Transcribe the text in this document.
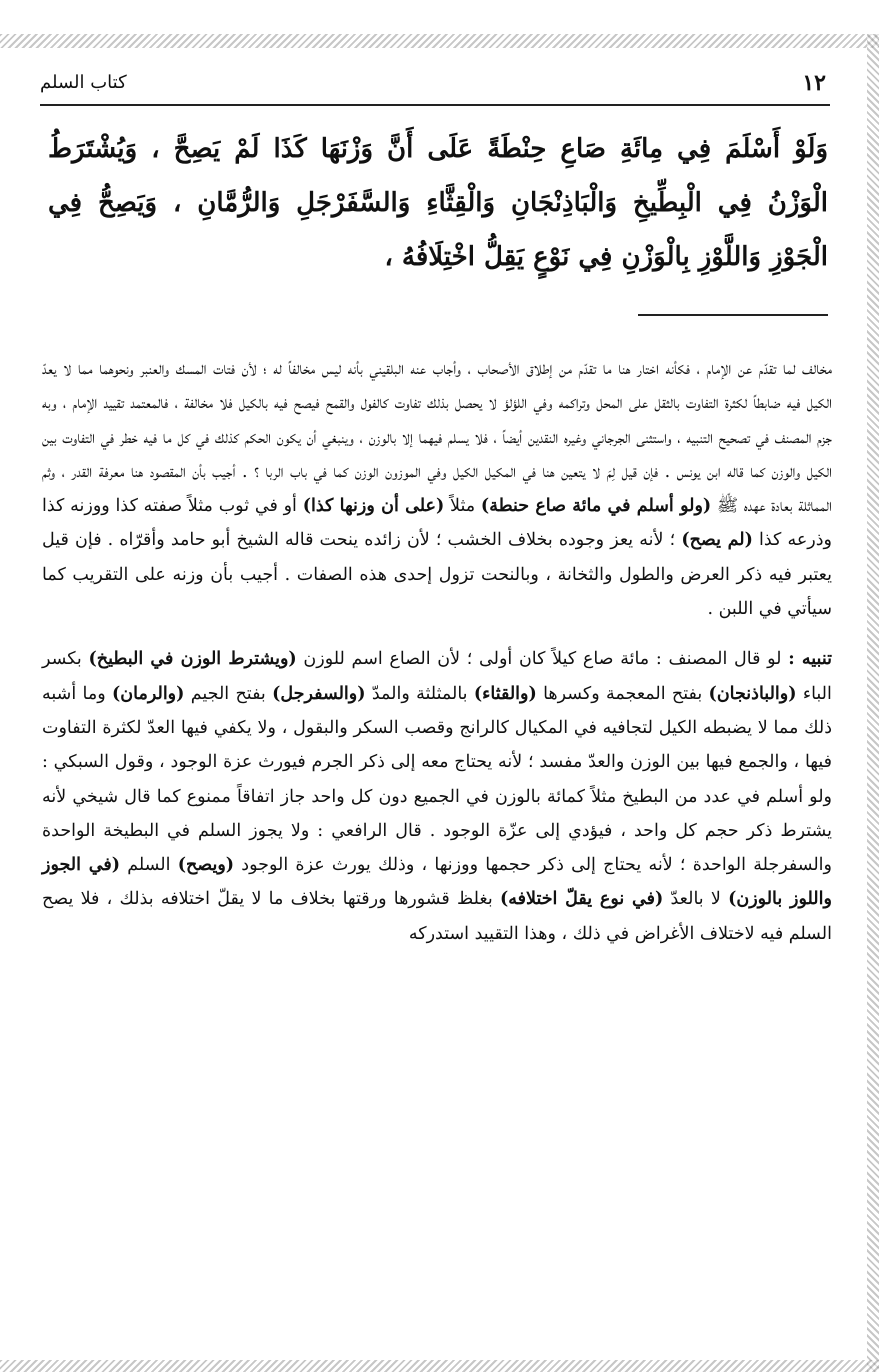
١٢
كتاب السلم
وَلَوْ أَسْلَمَ فِي مِائَةِ صَاعِ حِنْطَةً عَلَى أَنَّ وَزْنَهَا كَذَا لَمْ يَصِحَّ ، وَيُشْتَرَطُ الْوَزْنُ فِي الْبِطِّيخِ وَالْبَاذِنْجَانِ وَالْقِثَّاءِ وَالسَّفَرْجَلِ وَالرُّمَّانِ ، وَيَصِحُّ فِي الْجَوْزِ وَاللَّوْزِ بِالْوَزْنِ فِي نَوْعٍ يَقِلُّ اخْتِلَافُهُ ،

مخالف لما تقدّم عن الإمام ، فكأنه اختار هنا ما تقدّم من إطلاق الأصحاب ، وأجاب عنه البلقيني بأنه ليس مخالفاً له ؛ لأن فتات المسك والعنبر ونحوهما مما لا يعدّ الكيل فيه ضابطاً لكثرة التفاوت بالثقل على المحل وتراكمه وفي اللؤلؤ لا يحصل بذلك تفاوت كالفول والقمح فيصح فيه بالكيل فلا مخالفة ، فالمعتمد تقييد الإمام ، وبه جزم المصنف في تصحيح التنبيه ، واستثنى الجرجاني وغيره النقدين أيضاً ، فلا يسلم فيهما إلا بالوزن ، وينبغي أن يكون الحكم كذلك في كل ما فيه خطر في التفاوت بين الكيل والوزن كما قاله ابن يونس . فإن قيل لِمَ لا يتعين هنا في المكيل الكيل وفي الموزون الوزن كما في باب الربا ؟ . أجيب بأن المقصود هنا معرفة القدر ، وثم المماثلة بعادة عهده ﷺ (ولو أسلم في مائة صاع حنطة) مثلاً (على أن وزنها كذا) أو في ثوب مثلاً صفته كذا ووزنه كذا وذرعه كذا (لم يصح) ؛ لأنه يعز وجوده بخلاف الخشب ؛ لأن زائده ينحت قاله الشيخ أبو حامد وأقرّاه . فإن قيل يعتبر فيه ذكر العرض والطول والثخانة ، وبالنحت تزول إحدى هذه الصفات . أجيب بأن وزنه على التقريب كما سيأتي في اللبن .

تنبيه : لو قال المصنف : مائة صاع كيلاً كان أولى ؛ لأن الصاع اسم للوزن (ويشترط الوزن في البطيخ) بكسر الباء (والباذنجان) بفتح المعجمة وكسرها (والقثاء) بالمثلثة والمدّ (والسفرجل) بفتح الجيم (والرمان) وما أشبه ذلك مما لا يضبطه الكيل لتجافيه في المكيال كالرانج وقصب السكر والبقول ، ولا يكفي فيها العدّ لكثرة التفاوت فيها ، والجمع فيها بين الوزن والعدّ مفسد ؛ لأنه يحتاج معه إلى ذكر الجرم فيورث عزة الوجود ، وقول السبكي : ولو أسلم في عدد من البطيخ مثلاً كمائة بالوزن في الجميع دون كل واحد جاز اتفاقاً ممنوع كما قال شيخي لأنه يشترط ذكر حجم كل واحد ، فيؤدي إلى عزّة الوجود . قال الرافعي : ولا يجوز السلم في البطيخة الواحدة والسفرجلة الواحدة ؛ لأنه يحتاج إلى ذكر حجمها ووزنها ، وذلك يورث عزة الوجود (ويصح) السلم (في الجوز واللوز بالوزن) لا بالعدّ (في نوع يقلّ اختلافه) بغلظ قشورها ورقتها بخلاف ما لا يقلّ اختلافه بذلك ، فلا يصح السلم فيه لاختلاف الأغراض في ذلك ، وهذا التقييد استدركه
